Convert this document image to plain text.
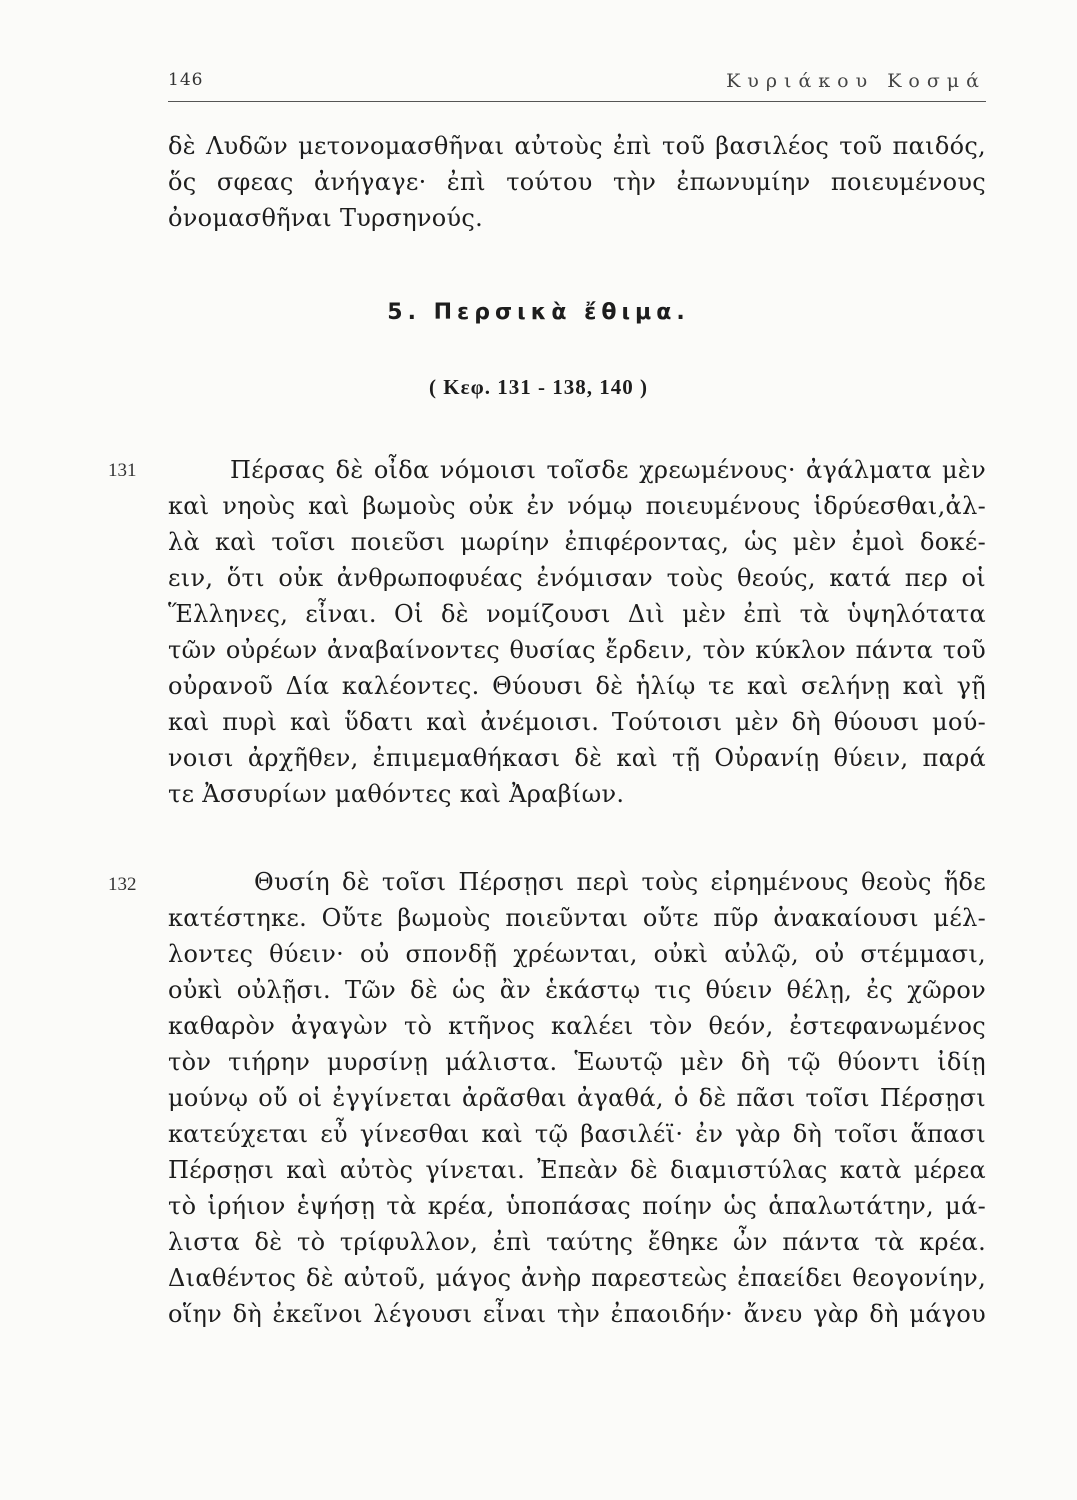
146	Κυριάκου Κοσμά
δὲ Λυδῶν μετονομασθῆναι αὐτοὺς ἐπὶ τοῦ βασιλέος τοῦ παιδός,
ὅς σφεας ἀνήγαγε· ἐπὶ τούτου τὴν ἐπωνυμίην ποιευμένους
ὀνομασθῆναι Τυρσηνούς.
5. Περσικὰ ἔθιμα.
( Κεφ. 131 - 138, 140 )
131	Πέρσας δὲ οἶδα νόμοισι τοῖσδε χρεωμένους· ἀγάλματα μὲν
καὶ νηοὺς καὶ βωμοὺς οὐκ ἐν νόμῳ ποιευμένους ἱδρύεσθαι,ἀλ-
λὰ καὶ τοῖσι ποιεῦσι μωρίην ἐπιφέροντας, ὡς μὲν ἐμοὶ δοκέ-
ειν, ὅτι οὐκ ἀνθρωποφυέας ἐνόμισαν τοὺς θεούς, κατά περ οἱ
Ἕλληνες, εἶναι. Οἱ δὲ νομίζουσι Διὶ μὲν ἐπὶ τὰ ὑψηλότατα
τῶν οὐρέων ἀναβαίνοντες θυσίας ἔρδειν, τὸν κύκλον πάντα τοῦ
οὐρανοῦ Δία καλέοντες. Θύουσι δὲ ἡλίῳ τε καὶ σελήνῃ καὶ γῇ
καὶ πυρὶ καὶ ὕδατι καὶ ἀνέμοισι. Τούτοισι μὲν δὴ θύουσι μού-
νοισι ἀρχῆθεν, ἐπιμεμαθήκασι δὲ καὶ τῇ Οὐρανίῃ θύειν, παρά
τε Ἀσσυρίων μαθόντες καὶ Ἀραβίων.
132	Θυσίη δὲ τοῖσι Πέρσῃσι περὶ τοὺς εἰρημένους θεοὺς ἥδε
κατέστηκε. Οὔτε βωμοὺς ποιεῦνται οὔτε πῦρ ἀνακαίουσι μέλ-
λοντες θύειν· οὐ σπονδῇ χρέωνται, οὐκὶ αὐλῷ, οὐ στέμμασι,
οὐκὶ οὐλῇσι. Τῶν δὲ ὡς ἂν ἑκάστῳ τις θύειν θέλῃ, ἐς χῶρον
καθαρὸν ἀγαγὼν τὸ κτῆνος καλέει τὸν θεόν, ἐστεφανωμένος
τὸν τιήρην μυρσίνῃ μάλιστα. Ἑωυτῷ μὲν δὴ τῷ θύοντι ἰδίῃ
μούνῳ οὔ οἱ ἐγγίνεται ἀρᾶσθαι ἀγαθά, ὁ δὲ πᾶσι τοῖσι Πέρσῃσι
κατεύχεται εὖ γίνεσθαι καὶ τῷ βασιλέϊ· ἐν γὰρ δὴ τοῖσι ἅπασι
Πέρσῃσι καὶ αὐτὸς γίνεται. Ἐπεὰν δὲ διαμιστύλας κατὰ μέρεα
τὸ ἱρήιον ἑψήσῃ τὰ κρέα, ὑποπάσας ποίην ὡς ἁπαλωτάτην, μά-
λιστα δὲ τὸ τρίφυλλον, ἐπὶ ταύτης ἔθηκε ὦν πάντα τὰ κρέα.
Διαθέντος δὲ αὐτοῦ, μάγος ἀνὴρ παρεστεὼς ἐπαείδει θεογονίην,
οἵην δὴ ἐκεῖνοι λέγουσι εἶναι τὴν ἐπαοιδήν· ἄνευ γὰρ δὴ μάγου
